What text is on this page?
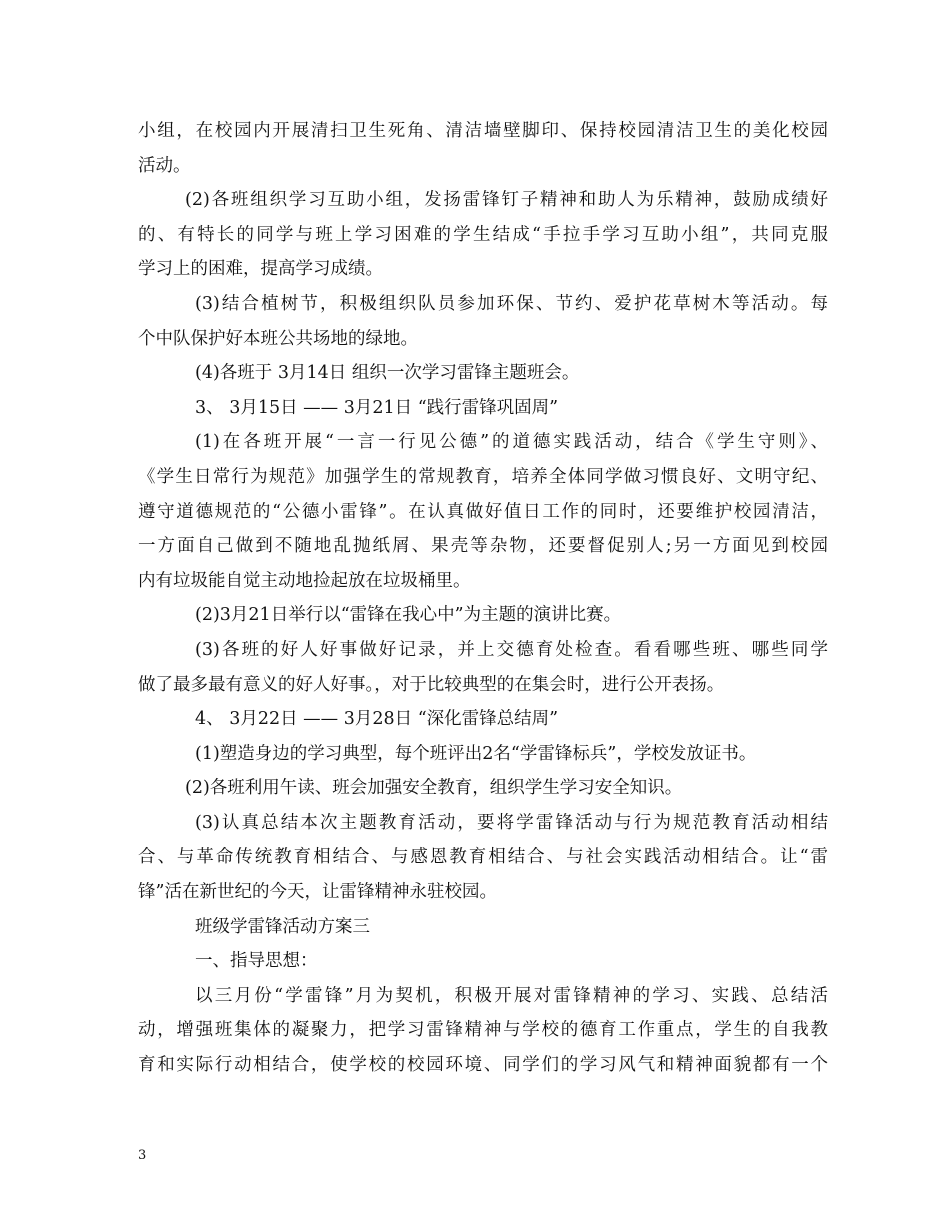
小组，在校园内开展清扫卫生死角、清洁墙壁脚印、保持校园清洁卫生的美化校园
活动。
(2)各班组织学习互助小组，发扬雷锋钉子精神和助人为乐精神，鼓励成绩好
的、有特长的同学与班上学习困难的学生结成“手拉手学习互助小组”，共同克服
学习上的困难，提高学习成绩。
(3)结合植树节，积极组织队员参加环保、节约、爱护花草树木等活动。每
个中队保护好本班公共场地的绿地。
(4)各班于 3月14日 组织一次学习雷锋主题班会。
3、 3月15日 —— 3月21日 “践行雷锋巩固周”
(1)在各班开展“一言一行见公德”的道德实践活动，结合《学生守则》、
《学生日常行为规范》加强学生的常规教育，培养全体同学做习惯良好、文明守纪、
遵守道德规范的“公德小雷锋”。在认真做好值日工作的同时，还要维护校园清洁，
一方面自己做到不随地乱抛纸屑、果壳等杂物，还要督促别人;另一方面见到校园
内有垃圾能自觉主动地捡起放在垃圾桶里。
(2)3月21日举行以“雷锋在我心中”为主题的演讲比赛。
(3)各班的好人好事做好记录，并上交德育处检查。看看哪些班、哪些同学
做了最多最有意义的好人好事。，对于比较典型的在集会时，进行公开表扬。
4、 3月22日 —— 3月28日 “深化雷锋总结周”
(1)塑造身边的学习典型，每个班评出2名“学雷锋标兵”，学校发放证书。
(2)各班利用午读、班会加强安全教育，组织学生学习安全知识。
(3)认真总结本次主题教育活动，要将学雷锋活动与行为规范教育活动相结
合、与革命传统教育相结合、与感恩教育相结合、与社会实践活动相结合。让“雷
锋”活在新世纪的今天，让雷锋精神永驻校园。
班级学雷锋活动方案三
一、指导思想：
以三月份“学雷锋”月为契机，积极开展对雷锋精神的学习、实践、总结活
动，增强班集体的凝聚力，把学习雷锋精神与学校的德育工作重点，学生的自我教
育和实际行动相结合，使学校的校园环境、同学们的学习风气和精神面貌都有一个
3
